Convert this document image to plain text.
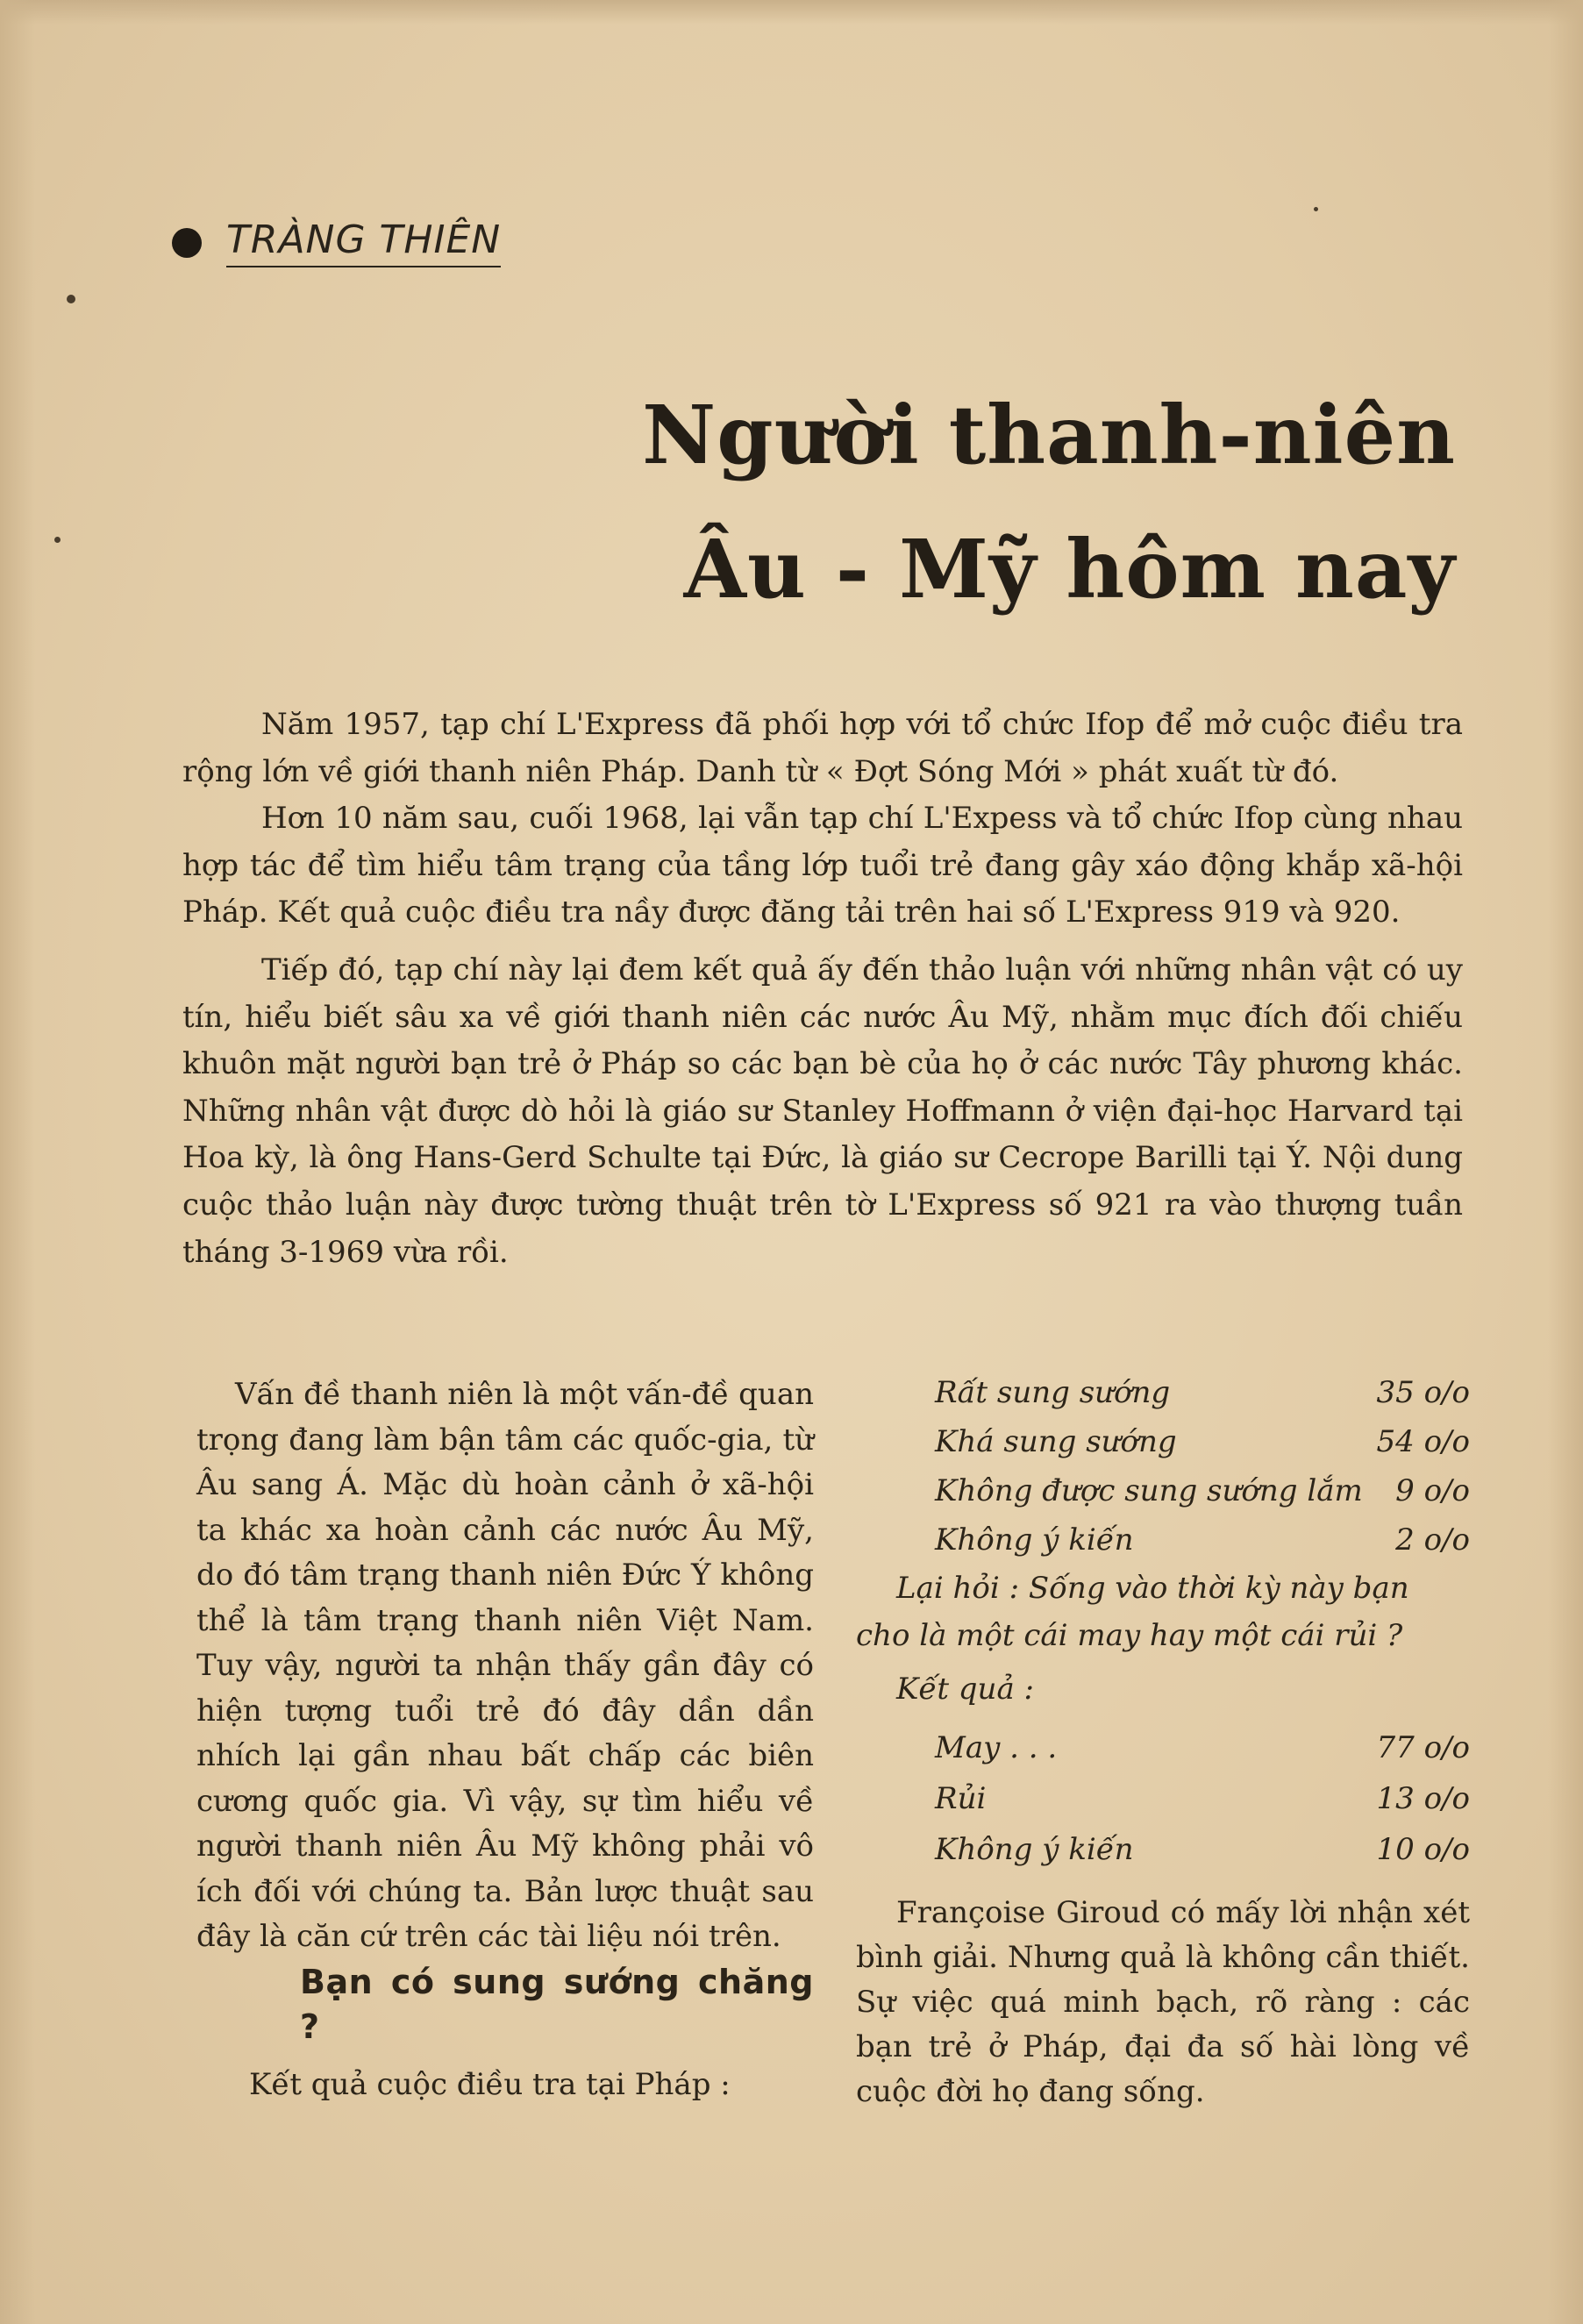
TRÀNG THIÊN
Người thanh-niên
Âu - Mỹ hôm nay

Năm 1957, tạp chí L'Express đã phối hợp với tổ chức Ifop để mở cuộc điều tra rộng lớn về giới thanh niên Pháp. Danh từ « Đợt Sóng Mới » phát xuất từ đó.

Hơn 10 năm sau, cuối 1968, lại vẫn tạp chí L'Expess và tổ chức Ifop cùng nhau hợp tác để tìm hiểu tâm trạng của tầng lớp tuổi trẻ đang gây xáo động khắp xã-hội Pháp. Kết quả cuộc điều tra nầy được đăng tải trên hai số L'Express 919 và 920.

Tiếp đó, tạp chí này lại đem kết quả ấy đến thảo luận với những nhân vật có uy tín, hiểu biết sâu xa về giới thanh niên các nước Âu Mỹ, nhằm mục đích đối chiếu khuôn mặt người bạn trẻ ở Pháp so các bạn bè của họ ở các nước Tây phương khác. Những nhân vật được dò hỏi là giáo sư Stanley Hoffmann ở viện đại-học Harvard tại Hoa kỳ, là ông Hans-Gerd Schulte tại Đức, là giáo sư Cecrope Barilli tại Ý. Nội dung cuộc thảo luận này được tường thuật trên tờ L'Express số 921 ra vào thượng tuần tháng 3-1969 vừa rồi.

Vấn đề thanh niên là một vấn-đề quan trọng đang làm bận tâm các quốc-gia, từ Âu sang Á. Mặc dù hoàn cảnh ở xã-hội ta khác xa hoàn cảnh các nước Âu Mỹ, do đó tâm trạng thanh niên Đức Ý không thể là tâm trạng thanh niên Việt Nam. Tuy vậy, người ta nhận thấy gần đây có hiện tượng tuổi trẻ đó đây dần dần nhích lại gần nhau bất chấp các biên cương quốc gia. Vì vậy, sự tìm hiểu về người thanh niên Âu Mỹ không phải vô ích đối với chúng ta. Bản lược thuật sau đây là căn cứ trên các tài liệu nói trên.

Bạn có sung sướng chăng ?

Kết quả cuộc điều tra tại Pháp :

Rất sung sướng	35 o/o
Khá sung sướng	54 o/o
Không được sung sướng lắm 9 o/o
Không ý kiến	2 o/o

Lại hỏi : Sống vào thời kỳ này bạn cho là một cái may hay một cái rủi ?

Kết quả :

May . . .	77 o/o
Rủi	13 o/o
Không ý kiến	10 o/o

Françoise Giroud có mấy lời nhận xét bình giải. Nhưng quả là không cần thiết. Sự việc quá minh bạch, rõ ràng : các bạn trẻ ở Pháp, đại đa số hài lòng về cuộc đời họ đang sống.
